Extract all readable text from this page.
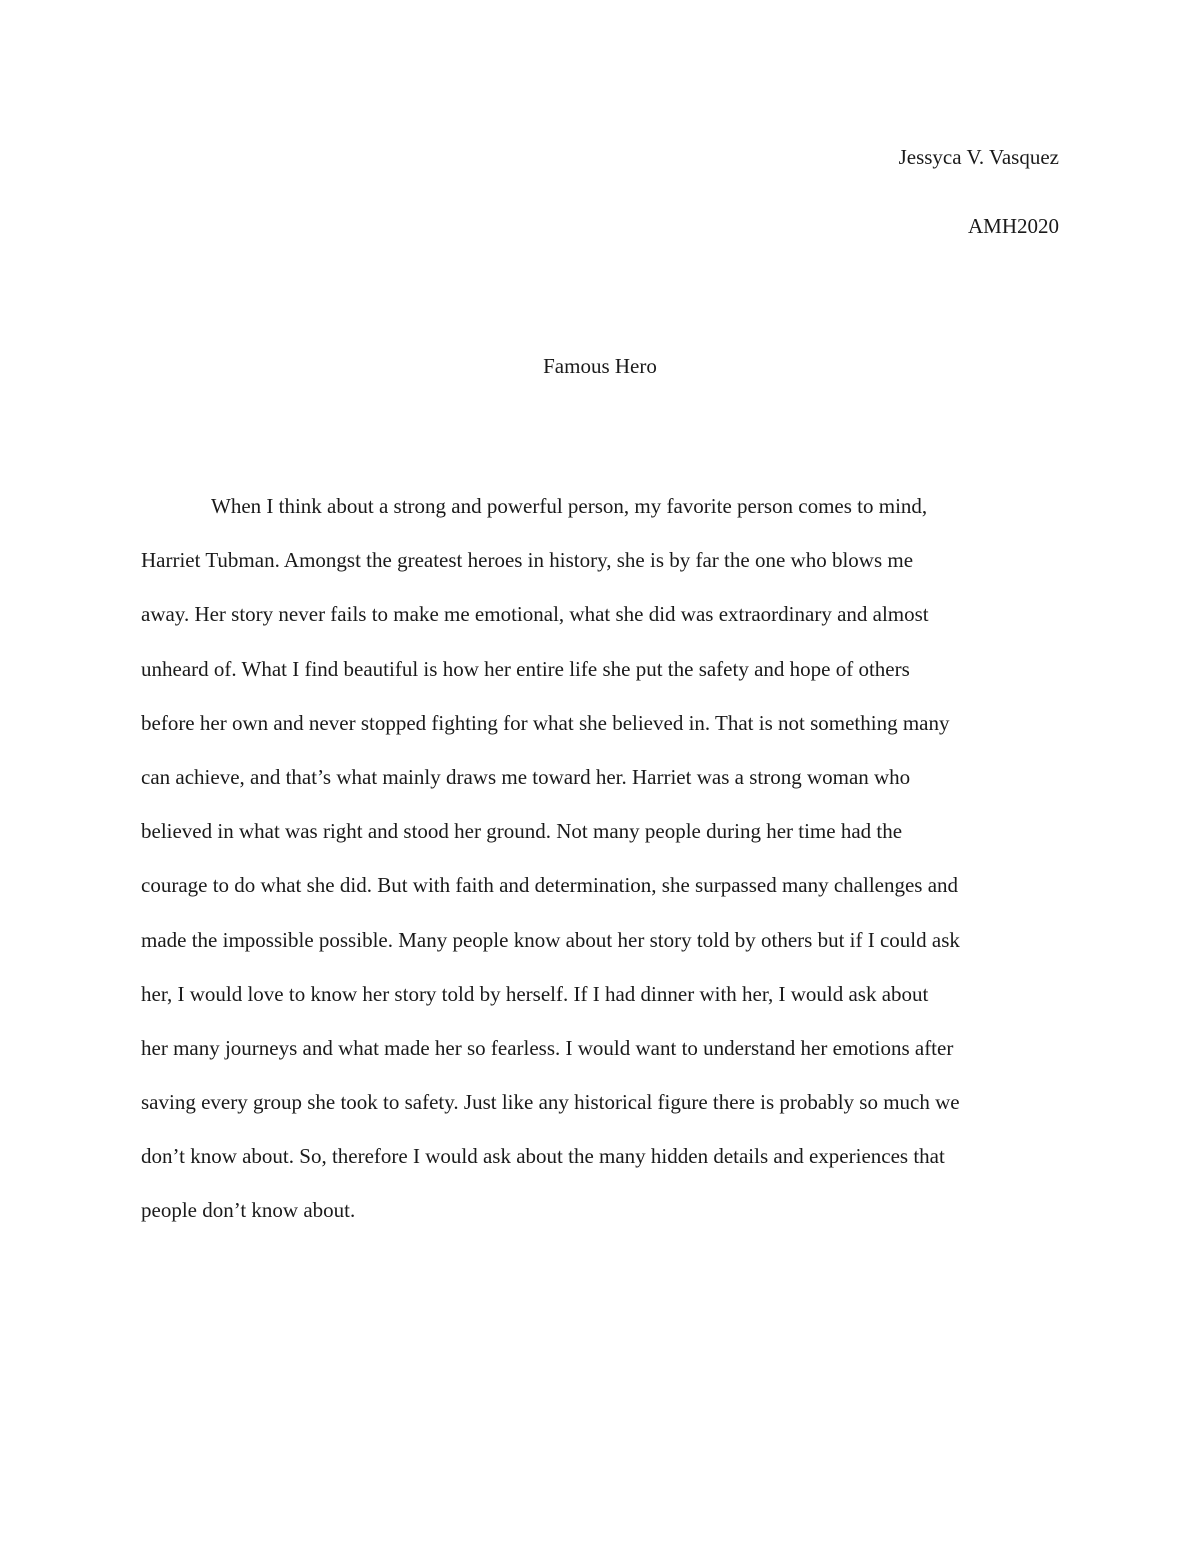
Jessyca V. Vasquez
AMH2020
Famous Hero
When I think about a strong and powerful person, my favorite person comes to mind,
Harriet Tubman. Amongst the greatest heroes in history, she is by far the one who blows me
away. Her story never fails to make me emotional, what she did was extraordinary and almost
unheard of. What I find beautiful is how her entire life she put the safety and hope of others
before her own and never stopped fighting for what she believed in. That is not something many
can achieve, and that’s what mainly draws me toward her. Harriet was a strong woman who
believed in what was right and stood her ground. Not many people during her time had the
courage to do what she did. But with faith and determination, she surpassed many challenges and
made the impossible possible. Many people know about her story told by others but if I could ask
her, I would love to know her story told by herself. If I had dinner with her, I would ask about
her many journeys and what made her so fearless. I would want to understand her emotions after
saving every group she took to safety. Just like any historical figure there is probably so much we
don’t know about. So, therefore I would ask about the many hidden details and experiences that
people don’t know about.
